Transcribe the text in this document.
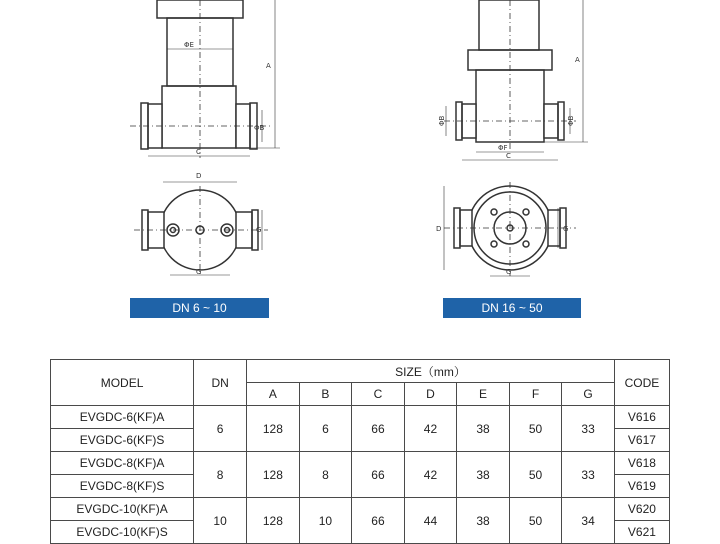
ΦE
A
ΦB
C
D
G
G
ΦB	ΦB
A
ΦF
C
D	G
G
DN 6 ~ 10	DN 16 ~ 50
MODEL	DN	SIZE（mm）							CODE
		A	B	C	D	E	F	G	
EVGDC-6(KF)A	6	128	6	66	42	38	50	33	V616
EVGDC-6(KF)S									V617
EVGDC-8(KF)A	8	128	8	66	42	38	50	33	V618
EVGDC-8(KF)S									V619
EVGDC-10(KF)A	10	128	10	66	44	38	50	34	V620
EVGDC-10(KF)S									V621
